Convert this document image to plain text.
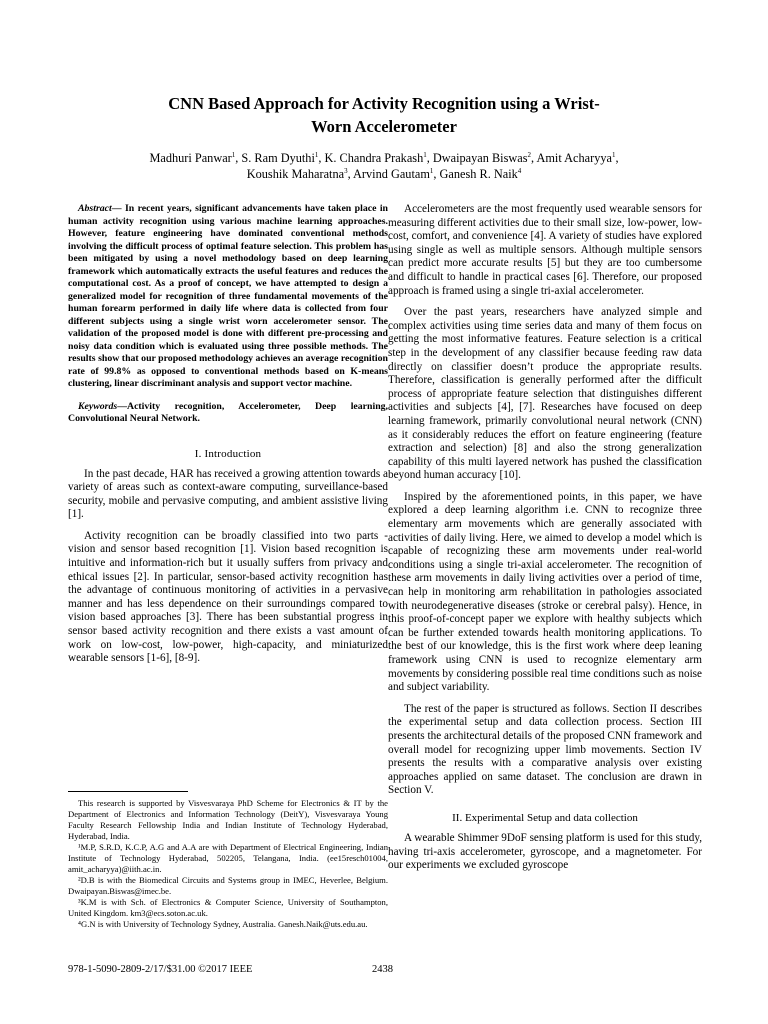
CNN Based Approach for Activity Recognition using a Wrist-
Worn Accelerometer
Madhuri Panwar$^1$, S. Ram Dyuthi$^1$, K. Chandra Prakash$^1$, Dwaipayan Biswas$^2$, Amit Acharyya$^1$,
Koushik Maharatna$^3$, Arvind Gautam$^1$, Ganesh R. Naik$^4$

Abstract— In recent years, significant advancements have taken place in human activity recognition using various machine learning approaches. However, feature engineering have dominated conventional methods involving the difficult process of optimal feature selection. This problem has been mitigated by using a novel methodology based on deep learning framework which automatically extracts the useful features and reduces the computational cost. As a proof of concept, we have attempted to design a generalized model for recognition of three fundamental movements of the human forearm performed in daily life where data is collected from four different subjects using a single wrist worn accelerometer sensor. The validation of the proposed model is done with different pre-processing and noisy data condition which is evaluated using three possible methods. The results show that our proposed methodology achieves an average recognition rate of 99.8% as opposed to conventional methods based on K-means clustering, linear discriminant analysis and support vector machine.

Keywords—Activity recognition, Accelerometer, Deep learning, Convolutional Neural Network.

I. Introduction

In the past decade, HAR has received a growing attention towards a variety of areas such as context-aware computing, surveillance-based security, mobile and pervasive computing, and ambient assistive living [1].

Activity recognition can be broadly classified into two parts - vision and sensor based recognition [1]. Vision based recognition is intuitive and information-rich but it usually suffers from privacy and ethical issues [2]. In particular, sensor-based activity recognition has the advantage of continuous monitoring of activities in a pervasive manner and has less dependence on their surroundings compared to vision based approaches [3]. There has been substantial progress in sensor based activity recognition and there exists a vast amount of work on low-cost, low-power, high-capacity, and miniaturized wearable sensors [1-6], [8-9].

This research is supported by Visvesvaraya PhD Scheme for Electronics & IT by the Department of Electronics and Information Technology (DeitY), Visvesvaraya Young Faculty Research Fellowship India and Indian Institute of Technology Hyderabad, Hyderabad, India.

¹M.P, S.R.D, K.C.P, A.G and A.A are with Department of Electrical Engineering, Indian Institute of Technology Hyderabad, 502205, Telangana, India. (ee15resch01004, amit_acharyya)@iith.ac.in.

²D.B is with the Biomedical Circuits and Systems group in IMEC, Heverlee, Belgium. Dwaipayan.Biswas@imec.be.

³K.M is with Sch. of Electronics & Computer Science, University of Southampton, United Kingdom. km3@ecs.soton.ac.uk.

⁴G.N is with University of Technology Sydney, Australia. Ganesh.Naik@uts.edu.au.

Accelerometers are the most frequently used wearable sensors for measuring different activities due to their small size, low-power, low-cost, comfort, and convenience [4]. A variety of studies have explored using single as well as multiple sensors. Although multiple sensors can predict more accurate results [5] but they are too cumbersome and difficult to handle in practical cases [6]. Therefore, our proposed approach is framed using a single tri-axial accelerometer.

Over the past years, researchers have analyzed simple and complex activities using time series data and many of them focus on getting the most informative features. Feature selection is a critical step in the development of any classifier because feeding raw data directly on classifier doesn’t produce the appropriate results. Therefore, classification is generally performed after the difficult process of appropriate feature selection that distinguishes different activities and subjects [4], [7]. Researches have focused on deep learning framework, primarily convolutional neural network (CNN) as it considerably reduces the effort on feature engineering (feature extraction and selection) [8] and also the strong generalization capability of this multi layered network has pushed the classification beyond human accuracy [10].

Inspired by the aforementioned points, in this paper, we have explored a deep learning algorithm i.e. CNN to recognize three elementary arm movements which are generally associated with activities of daily living. Here, we aimed to develop a model which is capable of recognizing these arm movements under real-world conditions using a single tri-axial accelerometer. The recognition of these arm movements in daily living activities over a period of time, can help in monitoring arm rehabilitation in pathologies associated with neurodegenerative diseases (stroke or cerebral palsy). Hence, in this proof-of-concept paper we explore with healthy subjects which can be further extended towards health monitoring applications. To the best of our knowledge, this is the first work where deep leaning framework using CNN is used to recognize elementary arm movements by considering possible real time conditions such as noise and subject variability.

The rest of the paper is structured as follows. Section II describes the experimental setup and data collection process. Section III presents the architectural details of the proposed CNN framework and overall model for recognizing upper limb movements. Section IV presents the results with a comparative analysis over existing approaches applied on same dataset. The conclusion are drawn in Section V.

II. Experimental Setup and data collection

A wearable Shimmer 9DoF sensing platform is used for this study, having tri-axis accelerometer, gyroscope, and a magnetometer. For our experiments we excluded gyroscope

978-1-5090-2809-2/17/$31.00 ©2017 IEEE	2438
